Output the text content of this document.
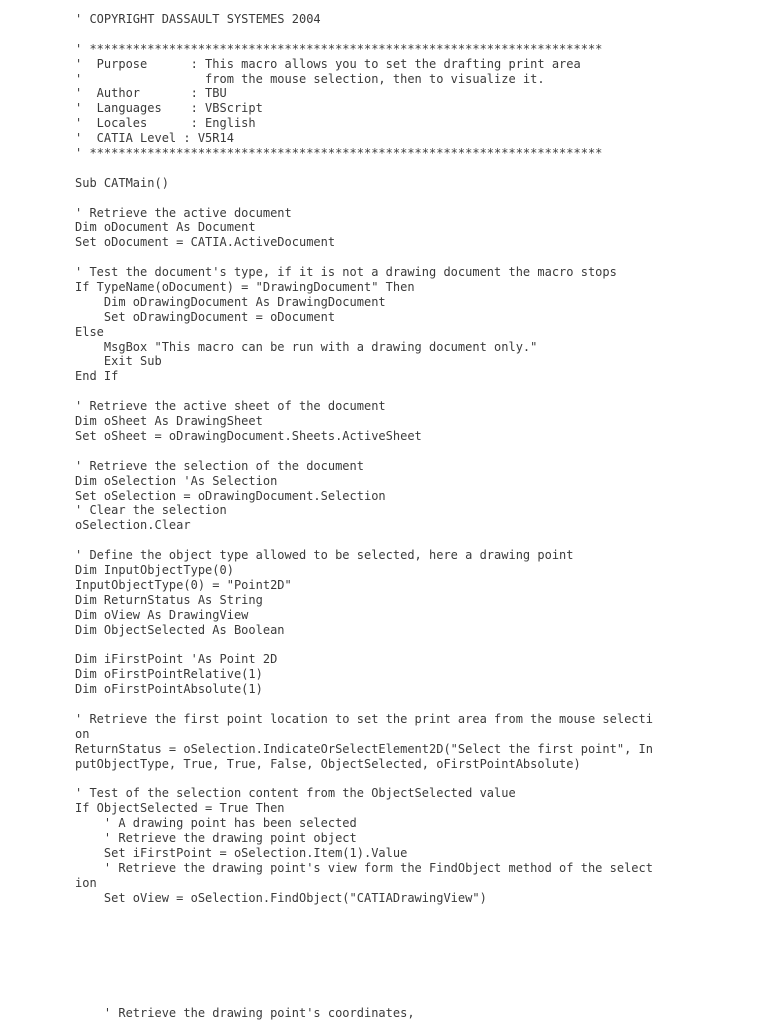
' COPYRIGHT DASSAULT SYSTEMES 2004
' ***********************************************************************
'  Purpose      : This macro allows you to set the drafting print area
'                 from the mouse selection, then to visualize it.
'  Author       : TBU
'  Languages    : VBScript
'  Locales      : English
'  CATIA Level : V5R14
' ***********************************************************************
Sub CATMain()
' Retrieve the active document
Dim oDocument As Document
Set oDocument = CATIA.ActiveDocument
' Test the document's type, if it is not a drawing document the macro stops
If TypeName(oDocument) = "DrawingDocument" Then
Dim oDrawingDocument As DrawingDocument
Set oDrawingDocument = oDocument
Else
MsgBox "This macro can be run with a drawing document only."
Exit Sub
End If
' Retrieve the active sheet of the document
Dim oSheet As DrawingSheet
Set oSheet = oDrawingDocument.Sheets.ActiveSheet
' Retrieve the selection of the document
Dim oSelection 'As Selection
Set oSelection = oDrawingDocument.Selection
' Clear the selection
oSelection.Clear
' Define the object type allowed to be selected, here a drawing point
Dim InputObjectType(0)
InputObjectType(0) = "Point2D"
Dim ReturnStatus As String
Dim oView As DrawingView
Dim ObjectSelected As Boolean
Dim iFirstPoint 'As Point 2D
Dim oFirstPointRelative(1)
Dim oFirstPointAbsolute(1)
' Retrieve the first point location to set the print area from the mouse selecti
on
ReturnStatus = oSelection.IndicateOrSelectElement2D("Select the first point", In
putObjectType, True, True, False, ObjectSelected, oFirstPointAbsolute)
' Test of the selection content from the ObjectSelected value
If ObjectSelected = True Then
' A drawing point has been selected
' Retrieve the drawing point object
Set iFirstPoint = oSelection.Item(1).Value
' Retrieve the drawing point's view form the FindObject method of the select
ion
Set oView = oSelection.FindObject("CATIADrawingView")
' Retrieve the drawing point's coordinates,
